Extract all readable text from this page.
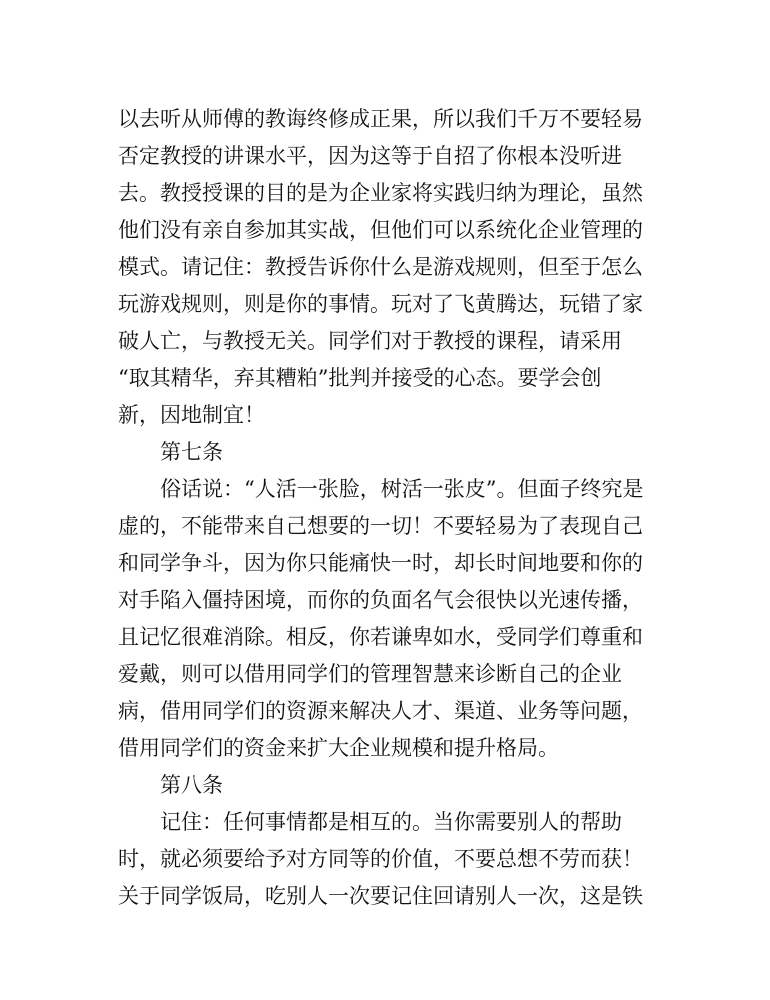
以去听从师傅的教诲终修成正果，所以我们千万不要轻易
否定教授的讲课水平，因为这等于自招了你根本没听进
去。教授授课的目的是为企业家将实践归纳为理论，虽然
他们没有亲自参加其实战，但他们可以系统化企业管理的
模式。请记住：教授告诉你什么是游戏规则，但至于怎么
玩游戏规则，则是你的事情。玩对了飞黄腾达，玩错了家
破人亡，与教授无关。同学们对于教授的课程，请采用
“取其精华，弃其糟粕”批判并接受的心态。要学会创
新，因地制宜！
第七条
俗话说：“人活一张脸，树活一张皮”。但面子终究是
虚的，不能带来自己想要的一切！不要轻易为了表现自己
和同学争斗，因为你只能痛快一时，却长时间地要和你的
对手陷入僵持困境，而你的负面名气会很快以光速传播，
且记忆很难消除。相反，你若谦卑如水，受同学们尊重和
爱戴，则可以借用同学们的管理智慧来诊断自己的企业
病，借用同学们的资源来解决人才、渠道、业务等问题，
借用同学们的资金来扩大企业规模和提升格局。
第八条
记住：任何事情都是相互的。当你需要别人的帮助
时，就必须要给予对方同等的价值，不要总想不劳而获！
关于同学饭局，吃别人一次要记住回请别人一次，这是铁
